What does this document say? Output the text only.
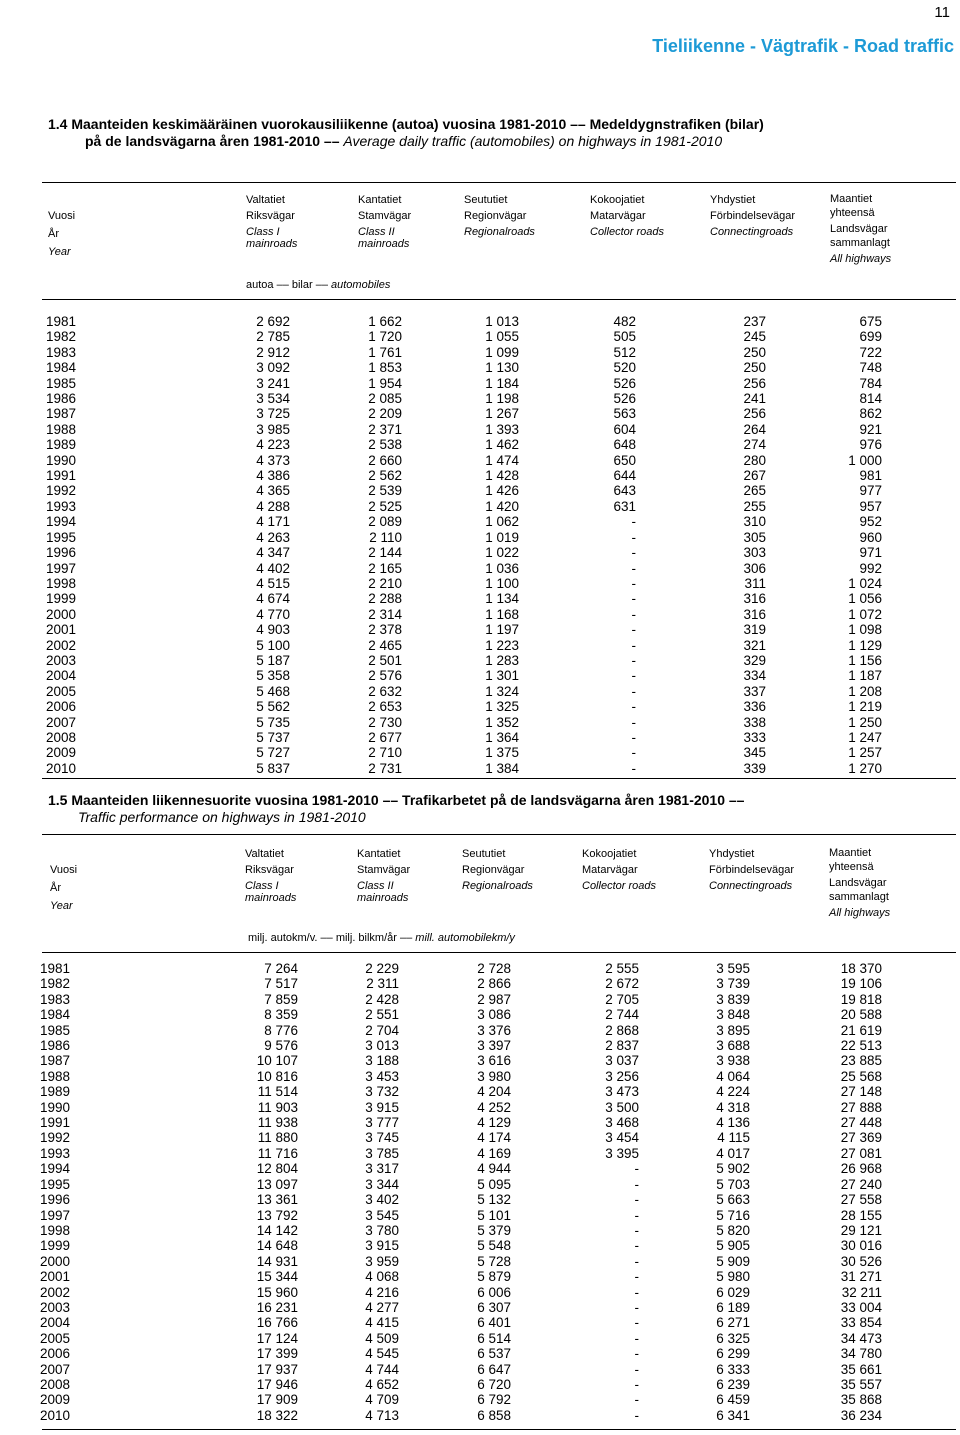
11
Tieliikenne - Vägtrafik - Road traffic
1.4 Maanteiden keskimääräinen vuorokausiliikenne (autoa) vuosina 1981-2010 –– Medeldygnstrafiken (bilar)
på de landsvägarna åren 1981-2010 –– Average daily traffic (automobiles) on highways in 1981-2010
Vuosi
År
Year
Valtatiet
Riksvägar
Class I
mainroads
Kantatiet
Stamvägar
Class II
mainroads
Seututiet
Regionvägar
Regionalroads
Kokoojatiet
Matarvägar
Collector roads
Yhdystiet
Förbindelsevägar
Connectingroads
Maantiet
yhteensä
Landsvägar
sammanlagt
All highways
autoa –– bilar –– automobiles
	1981	2 692	1 662	1 013	482	237	675	
	1982	2 785	1 720	1 055	505	245	699	
	1983	2 912	1 761	1 099	512	250	722	
	1984	3 092	1 853	1 130	520	250	748	
	1985	3 241	1 954	1 184	526	256	784	
	1986	3 534	2 085	1 198	526	241	814	
	1987	3 725	2 209	1 267	563	256	862	
	1988	3 985	2 371	1 393	604	264	921	
	1989	4 223	2 538	1 462	648	274	976	
	1990	4 373	2 660	1 474	650	280	1 000	
	1991	4 386	2 562	1 428	644	267	981	
	1992	4 365	2 539	1 426	643	265	977	
	1993	4 288	2 525	1 420	631	255	957	
	1994	4 171	2 089	1 062	-	310	952	
	1995	4 263	2 110	1 019	-	305	960	
	1996	4 347	2 144	1 022	-	303	971	
	1997	4 402	2 165	1 036	-	306	992	
	1998	4 515	2 210	1 100	-	311	1 024	
	1999	4 674	2 288	1 134	-	316	1 056	
	2000	4 770	2 314	1 168	-	316	1 072	
	2001	4 903	2 378	1 197	-	319	1 098	
	2002	5 100	2 465	1 223	-	321	1 129	
	2003	5 187	2 501	1 283	-	329	1 156	
	2004	5 358	2 576	1 301	-	334	1 187	
	2005	5 468	2 632	1 324	-	337	1 208	
	2006	5 562	2 653	1 325	-	336	1 219	
	2007	5 735	2 730	1 352	-	338	1 250	
	2008	5 737	2 677	1 364	-	333	1 247	
	2009	5 727	2 710	1 375	-	345	1 257	
	2010	5 837	2 731	1 384	-	339	1 270	
1.5 Maanteiden liikennesuorite vuosina 1981-2010 –– Trafikarbetet på de landsvägarna åren 1981-2010 ––
Traffic performance on highways in 1981-2010
Vuosi
År
Year
Valtatiet
Riksvägar
Class I
mainroads
Kantatiet
Stamvägar
Class II
mainroads
Seututiet
Regionvägar
Regionalroads
Kokoojatiet
Matarvägar
Collector roads
Yhdystiet
Förbindelsevägar
Connectingroads
Maantiet
yhteensä
Landsvägar
sammanlagt
All highways
milj. autokm/v. –– milj. bilkm/år –– mill. automobilekm/y
	1981	7 264	2 229	2 728	2 555	3 595	18 370	
	1982	7 517	2 311	2 866	2 672	3 739	19 106	
	1983	7 859	2 428	2 987	2 705	3 839	19 818	
	1984	8 359	2 551	3 086	2 744	3 848	20 588	
	1985	8 776	2 704	3 376	2 868	3 895	21 619	
	1986	9 576	3 013	3 397	2 837	3 688	22 513	
	1987	10 107	3 188	3 616	3 037	3 938	23 885	
	1988	10 816	3 453	3 980	3 256	4 064	25 568	
	1989	11 514	3 732	4 204	3 473	4 224	27 148	
	1990	11 903	3 915	4 252	3 500	4 318	27 888	
	1991	11 938	3 777	4 129	3 468	4 136	27 448	
	1992	11 880	3 745	4 174	3 454	4 115	27 369	
	1993	11 716	3 785	4 169	3 395	4 017	27 081	
	1994	12 804	3 317	4 944	-	5 902	26 968	
	1995	13 097	3 344	5 095	-	5 703	27 240	
	1996	13 361	3 402	5 132	-	5 663	27 558	
	1997	13 792	3 545	5 101	-	5 716	28 155	
	1998	14 142	3 780	5 379	-	5 820	29 121	
	1999	14 648	3 915	5 548	-	5 905	30 016	
	2000	14 931	3 959	5 728	-	5 909	30 526	
	2001	15 344	4 068	5 879	-	5 980	31 271	
	2002	15 960	4 216	6 006	-	6 029	32 211	
	2003	16 231	4 277	6 307	-	6 189	33 004	
	2004	16 766	4 415	6 401	-	6 271	33 854	
	2005	17 124	4 509	6 514	-	6 325	34 473	
	2006	17 399	4 545	6 537	-	6 299	34 780	
	2007	17 937	4 744	6 647	-	6 333	35 661	
	2008	17 946	4 652	6 720	-	6 239	35 557	
	2009	17 909	4 709	6 792	-	6 459	35 868	
	2010	18 322	4 713	6 858	-	6 341	36 234	
